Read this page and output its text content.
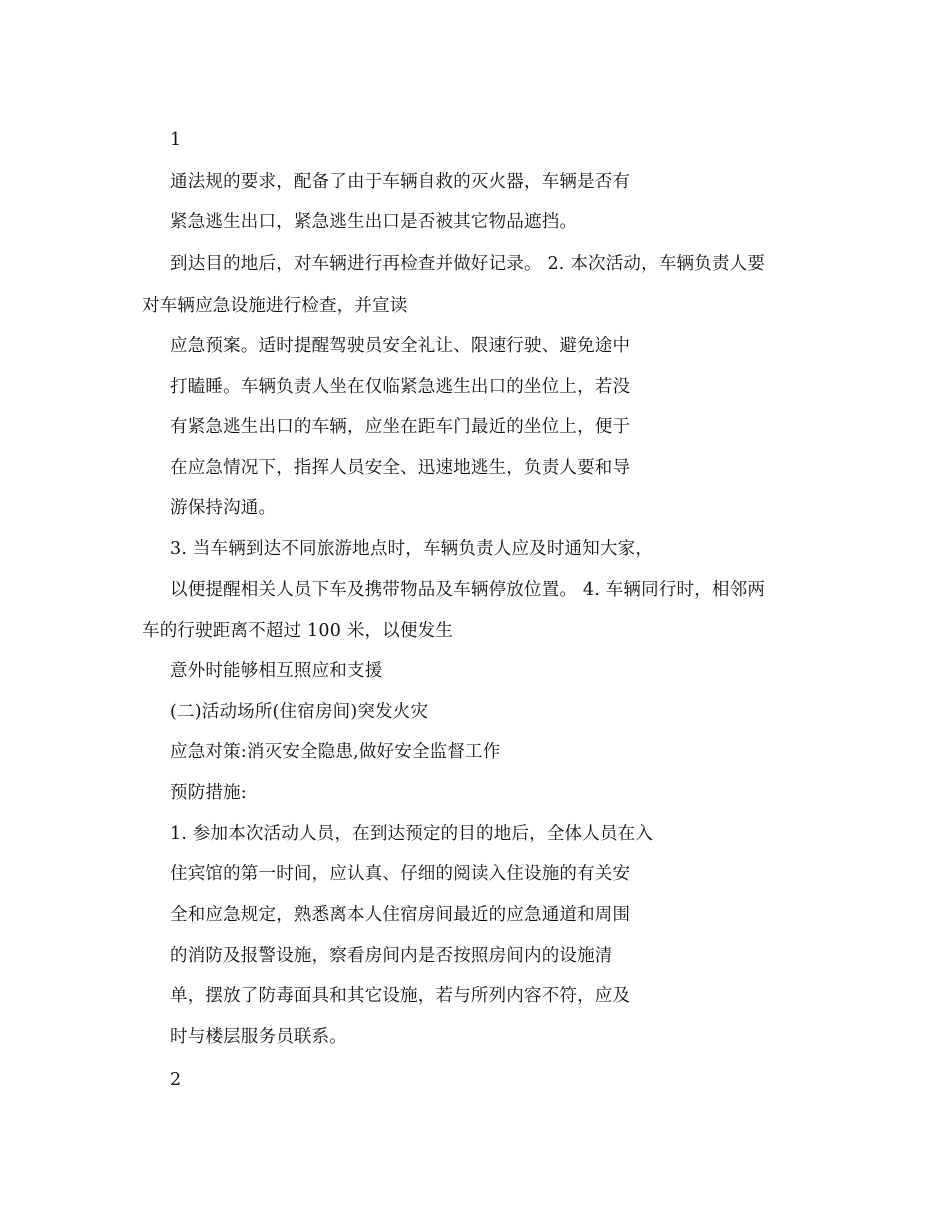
1
通法规的要求，配备了由于车辆自救的灭火器，车辆是否有
紧急逃生出口，紧急逃生出口是否被其它物品遮挡。
到达目的地后，对车辆进行再检查并做好记录。 2. 本次活动，车辆负责人要
对车辆应急设施进行检查，并宣读
应急预案。适时提醒驾驶员安全礼让、限速行驶、避免途中
打瞌睡。车辆负责人坐在仅临紧急逃生出口的坐位上，若没
有紧急逃生出口的车辆，应坐在距车门最近的坐位上，便于
在应急情况下，指挥人员安全、迅速地逃生，负责人要和导
游保持沟通。
3. 当车辆到达不同旅游地点时，车辆负责人应及时通知大家，
以便提醒相关人员下车及携带物品及车辆停放位置。 4. 车辆同行时，相邻两
车的行驶距离不超过 100 米，以便发生
意外时能够相互照应和支援
(二)活动场所(住宿房间)突发火灾
应急对策:消灭安全隐患,做好安全监督工作
预防措施:
1. 参加本次活动人员，在到达预定的目的地后，全体人员在入
住宾馆的第一时间，应认真、仔细的阅读入住设施的有关安
全和应急规定，熟悉离本人住宿房间最近的应急通道和周围
的消防及报警设施，察看房间内是否按照房间内的设施清
单，摆放了防毒面具和其它设施，若与所列内容不符，应及
时与楼层服务员联系。
2
